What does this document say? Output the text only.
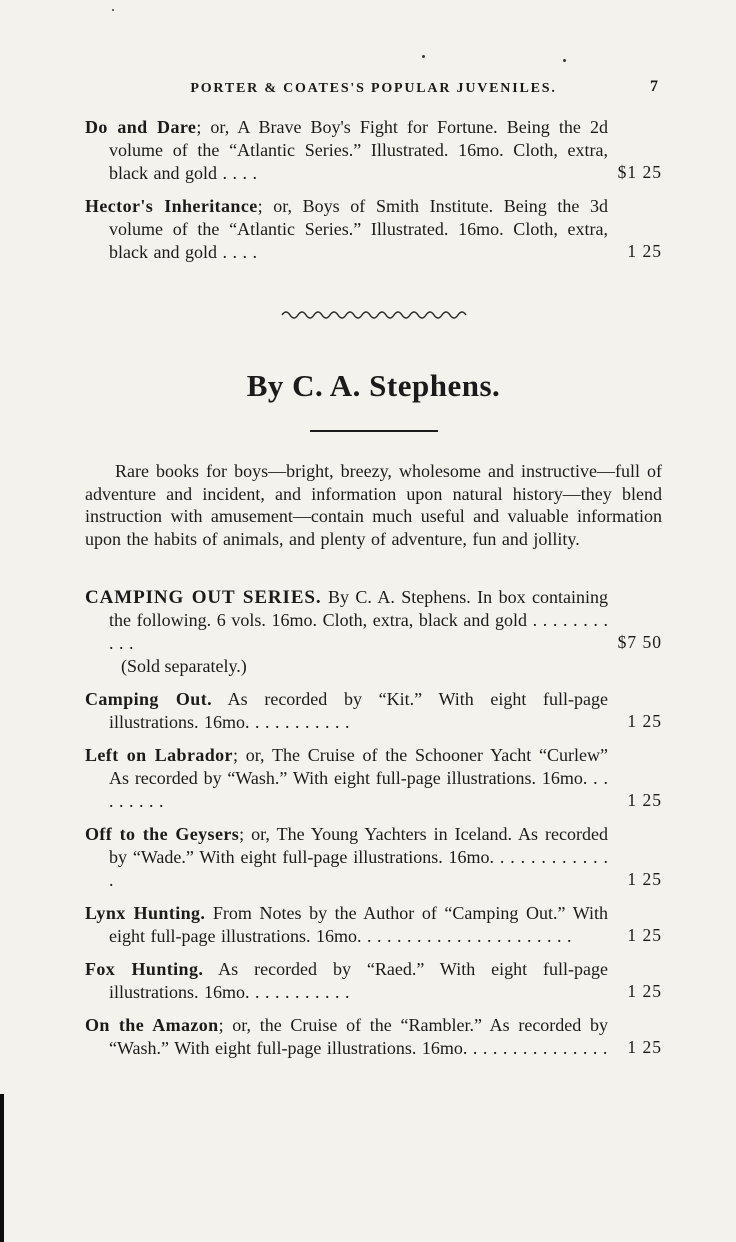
PORTER & COATES'S POPULAR JUVENILES.	7

Do and Dare; or, A Brave Boy's Fight for Fortune. Being the 2d volume of the “Atlantic Series.” Illustrated. 16mo. Cloth, extra, black and gold . . . .	$1 25

Hector's Inheritance; or, Boys of Smith Institute. Being the 3d volume of the “Atlantic Series.” Illustrated. 16mo. Cloth, extra, black and gold . . . .	1 25
By C. A. Stephens.

Rare books for boys—bright, breezy, wholesome and instructive—full of adventure and incident, and information upon natural history—they blend instruction with amusement—contain much useful and valuable information upon the habits of animals, and plenty of adventure, fun and jollity.

CAMPING OUT SERIES. By C. A. Stephens. In box containing the following. 6 vols. 16mo. Cloth, extra, black and gold . . . . . . . . . . .	$7 50

(Sold separately.)

Camping Out. As recorded by “Kit.” With eight full-page illustrations. 16mo. . . . . . . . . . .	1 25

Left on Labrador; or, The Cruise of the Schooner Yacht “Curlew” As recorded by “Wash.” With eight full-page illustrations. 16mo. . . . . . . . .	1 25

Off to the Geysers; or, The Young Yachters in Iceland. As recorded by “Wade.” With eight full-page illustrations. 16mo. . . . . . . . . . . . .	1 25

Lynx Hunting. From Notes by the Author of “Camping Out.” With eight full-page illustrations. 16mo. . . . . . . . . . . . . . . . . . . . . .	1 25

Fox Hunting. As recorded by “Raed.” With eight full-page illustrations. 16mo. . . . . . . . . . .	1 25

On the Amazon; or, the Cruise of the “Rambler.” As recorded by “Wash.” With eight full-page illustrations. 16mo. . . . . . . . . . . . . . . 1 25
